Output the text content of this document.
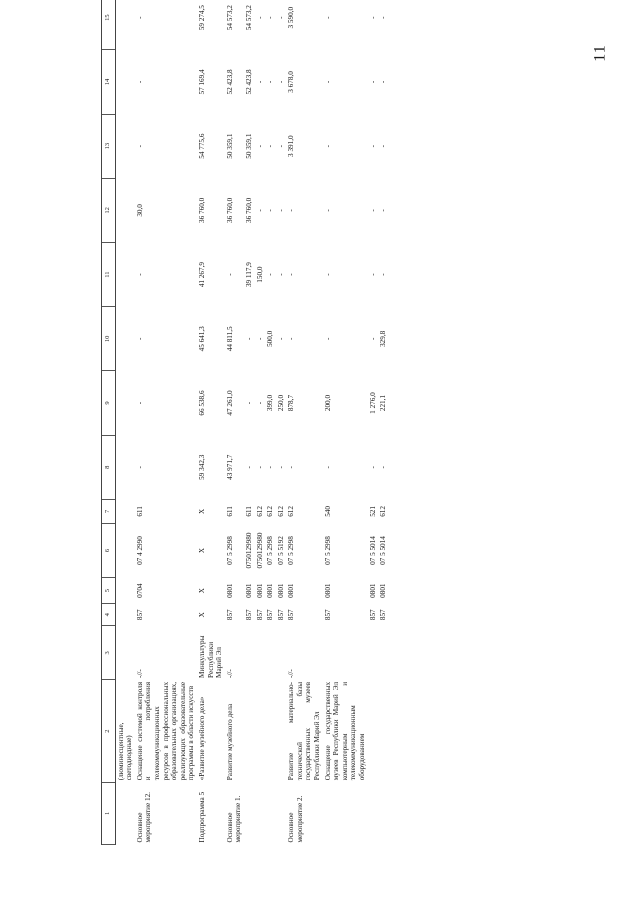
11
1	2	3	4	5	6	7	8	9	10	11	12	13	14	15
	(люминесцентные, светодиодные)													
Основное мероприятие 12.	Оснащение системой контроля и потребления телекоммуникационных ресурсов в профессиональных образовательных организациях, реализующих образовательные программы в области искусств	-//-	857	0704	07 4 2990	611	-	-	-	-	30,0	-	-	-
Подпрограмма 5	«Развитие музейного дела»	Минкультуры Республики Марий Эл	X	X	X	X	59 342,3	66 538,6	45 641,3	41 267,9	36 760,0	54 775,6	57 169,4	59 274,5
Основное мероприятие 1.	Развитие музейного дела	-//-	857	0801	07 5 2998	611	43 971,7	47 261,0	44 811,5	-	36 760,0	50 359,1	52 423,8	54 573,2
			857	0801	0750129980	611	-	-	-	39 117,9	36 760,0	50 359,1	52 423,8	54 573,2
			857	0801	0750129980	612	-	-	-	150,0	-	-	-	-
			857	0801	07 5 2998	612	-	399,0	500,0	-	-	-	-	-
			857	0801	07 5 5192	612	-	250,0	-	-	-	-	-	-
Основное мероприятие 2.	Развитие материально-технической базы государственных музеев Республики Марий Эл	-//-	857	0801	07 5 2998	612	-	878,7	-	-	-	3 391,0	3 678,0	3 590,0
	Оснащение государственных музеев Республики Марий Эл компьютерным и телекоммуникационным оборудованием		857	0801	07 5 2998	540	-	200,0	-	-	-	-	-	-
			857	0801	07 5 5014	521	-	1 276,0	-	-	-	-	-	-
			857	0801	07 5 5014	612	-	221,1	329,8	-	-	-	-	-
